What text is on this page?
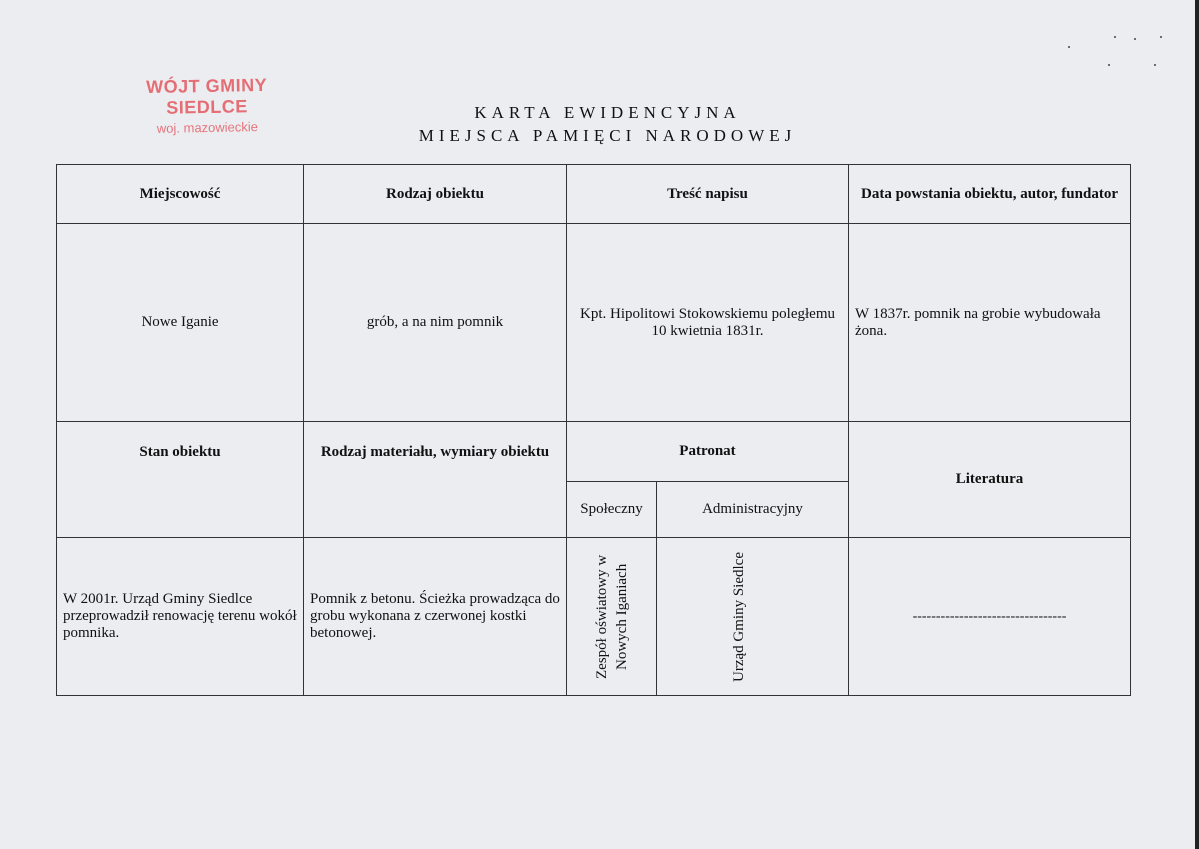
WÓJT GMINY SIEDLCE
woj. mazowieckie
KARTA EWIDENCYJNA
MIEJSCA PAMIĘCI NARODOWEJ
Miejscowość	Rodzaj obiektu	Treść napisu		Data powstania obiektu, autor, fundator
Nowe Iganie	grób, a na nim pomnik	Kpt. Hipolitowi Stokowskiemu poległemu 10 kwietnia 1831r.		W 1837r. pomnik na grobie wybudowała żona.
Stan obiektu	Rodzaj materiału, wymiary obiektu	Patronat		Literatura
		Społeczny	Administracyjny	
W 2001r. Urząd Gminy Siedlce przeprowadził renowację terenu wokół pomnika.	Pomnik z betonu. Ścieżka prowadząca do grobu wykonana z czerwonej kostki betonowej.	Zespół oświatowy w Nowych Iganiach	Urząd Gminy Siedlce	---------------------------------
